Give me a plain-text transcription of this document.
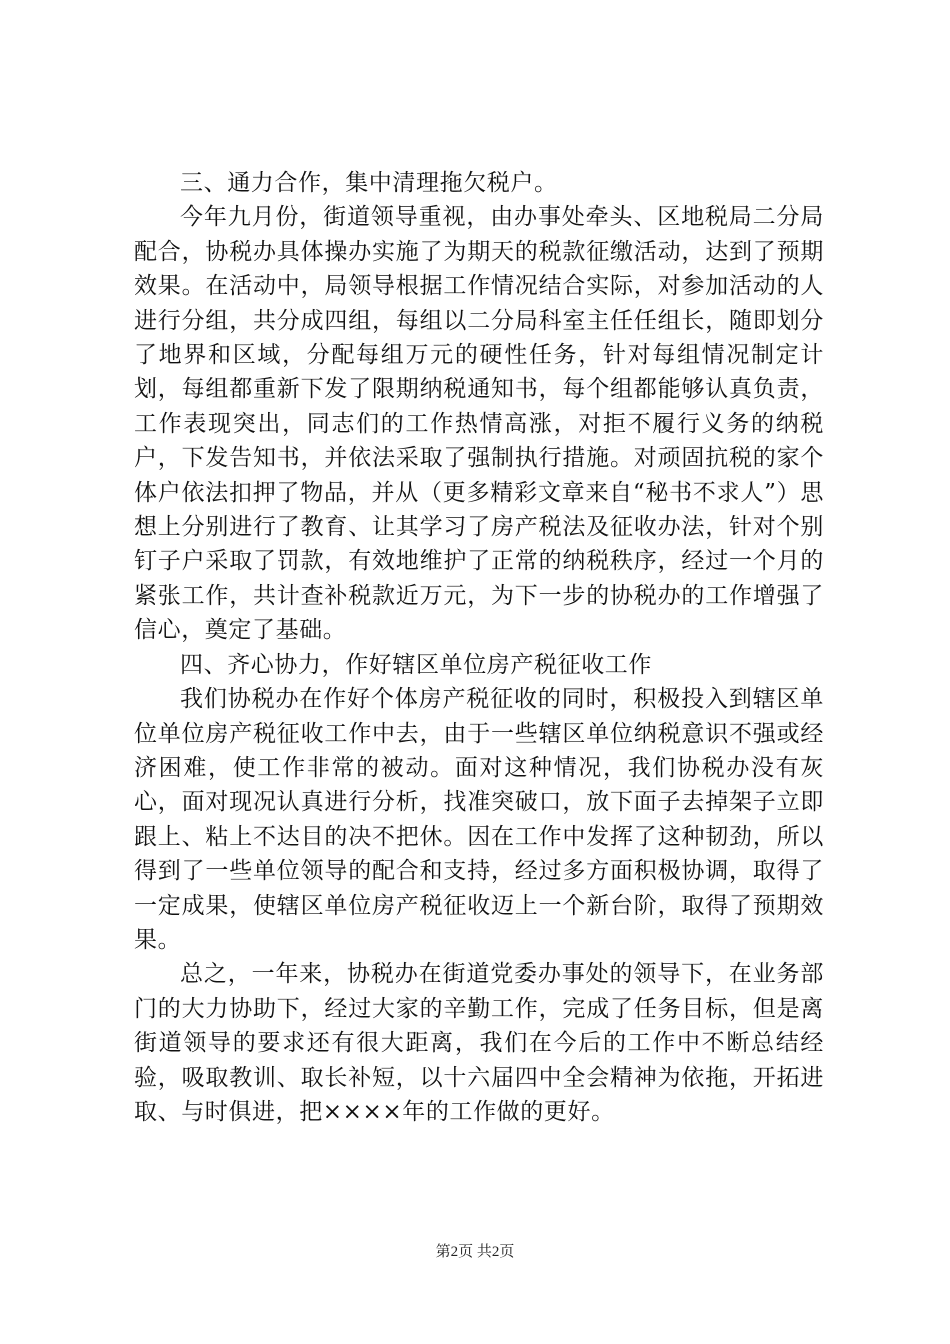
三、通力合作，集中清理拖欠税户。

今年九月份，街道领导重视，由办事处牵头、区地税局二分局配合，协税办具体操办实施了为期天的税款征缴活动，达到了预期效果。在活动中，局领导根据工作情况结合实际，对参加活动的人进行分组，共分成四组，每组以二分局科室主任任组长，随即划分了地界和区域，分配每组万元的硬性任务，针对每组情况制定计划，每组都重新下发了限期纳税通知书，每个组都能够认真负责，工作表现突出，同志们的工作热情高涨，对拒不履行义务的纳税户，下发告知书，并依法采取了强制执行措施。对顽固抗税的家个体户依法扣押了物品，并从（更多精彩文章来自“秘书不求人”）思想上分别进行了教育、让其学习了房产税法及征收办法，针对个别钉子户采取了罚款，有效地维护了正常的纳税秩序，经过一个月的紧张工作，共计查补税款近万元，为下一步的协税办的工作增强了信心，奠定了基础。

四、齐心协力，作好辖区单位房产税征收工作

我们协税办在作好个体房产税征收的同时，积极投入到辖区单位单位房产税征收工作中去，由于一些辖区单位纳税意识不强或经济困难，使工作非常的被动。面对这种情况，我们协税办没有灰心，面对现况认真进行分析，找准突破口，放下面子去掉架子立即跟上、粘上不达目的决不把休。因在工作中发挥了这种韧劲，所以得到了一些单位领导的配合和支持，经过多方面积极协调，取得了一定成果，使辖区单位房产税征收迈上一个新台阶，取得了预期效果。

总之，一年来，协税办在街道党委办事处的领导下，在业务部门的大力协助下，经过大家的辛勤工作，完成了任务目标，但是离街道领导的要求还有很大距离，我们在今后的工作中不断总结经验，吸取教训、取长补短，以十六届四中全会精神为依拖，开拓进取、与时俱进，把××××年的工作做的更好。

第2页 共2页
